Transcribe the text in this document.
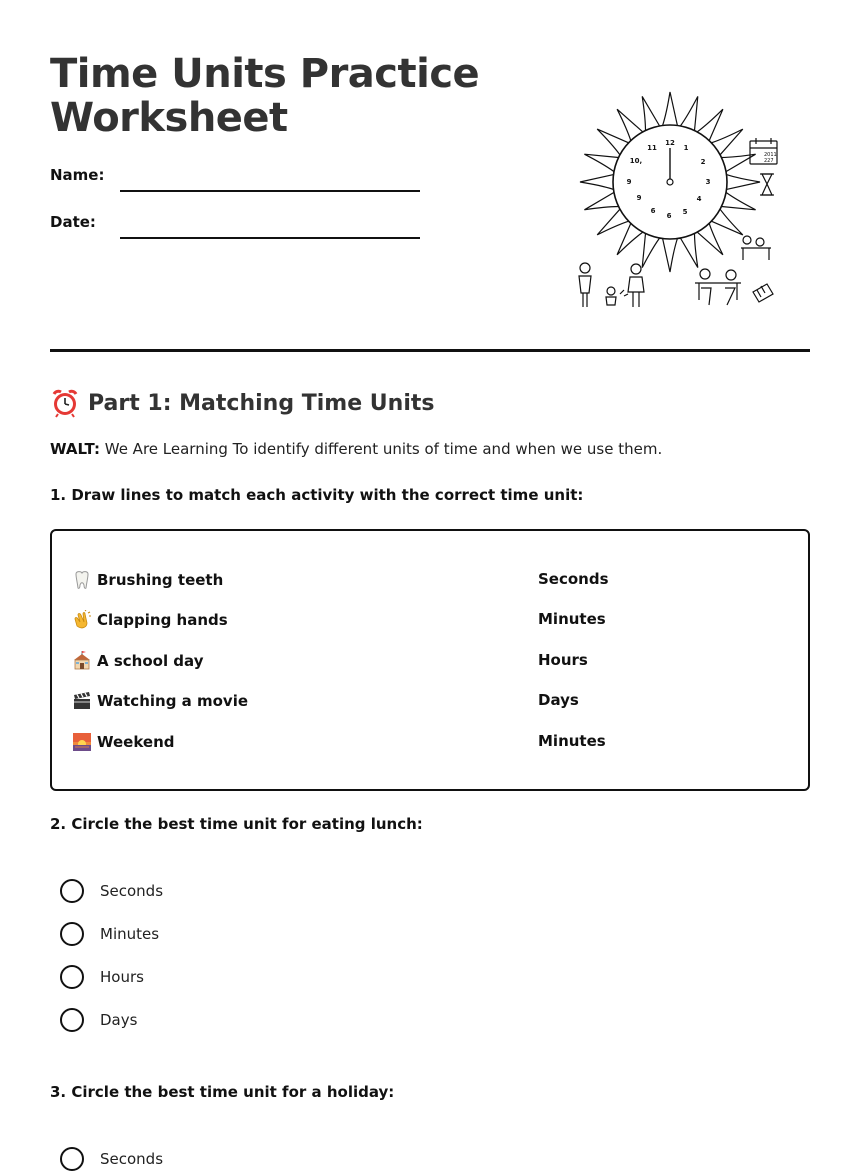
Time Units Practice
Worksheet
Name:
Date:
12
1
2
3
4
5
6
6
9
9
10,
11
2011
227
Part 1: Matching Time Units
WALT: We Are Learning To identify different units of time and when we use them.

1. Draw lines to match each activity with the correct time unit:

Brushing teeth	Seconds
Clapping hands	Minutes
A school day	Hours
Watching a movie	Days
Weekend	Minutes

2. Circle the best time unit for eating lunch:

Seconds
Minutes
Hours
Days

3. Circle the best time unit for a holiday:

Seconds
